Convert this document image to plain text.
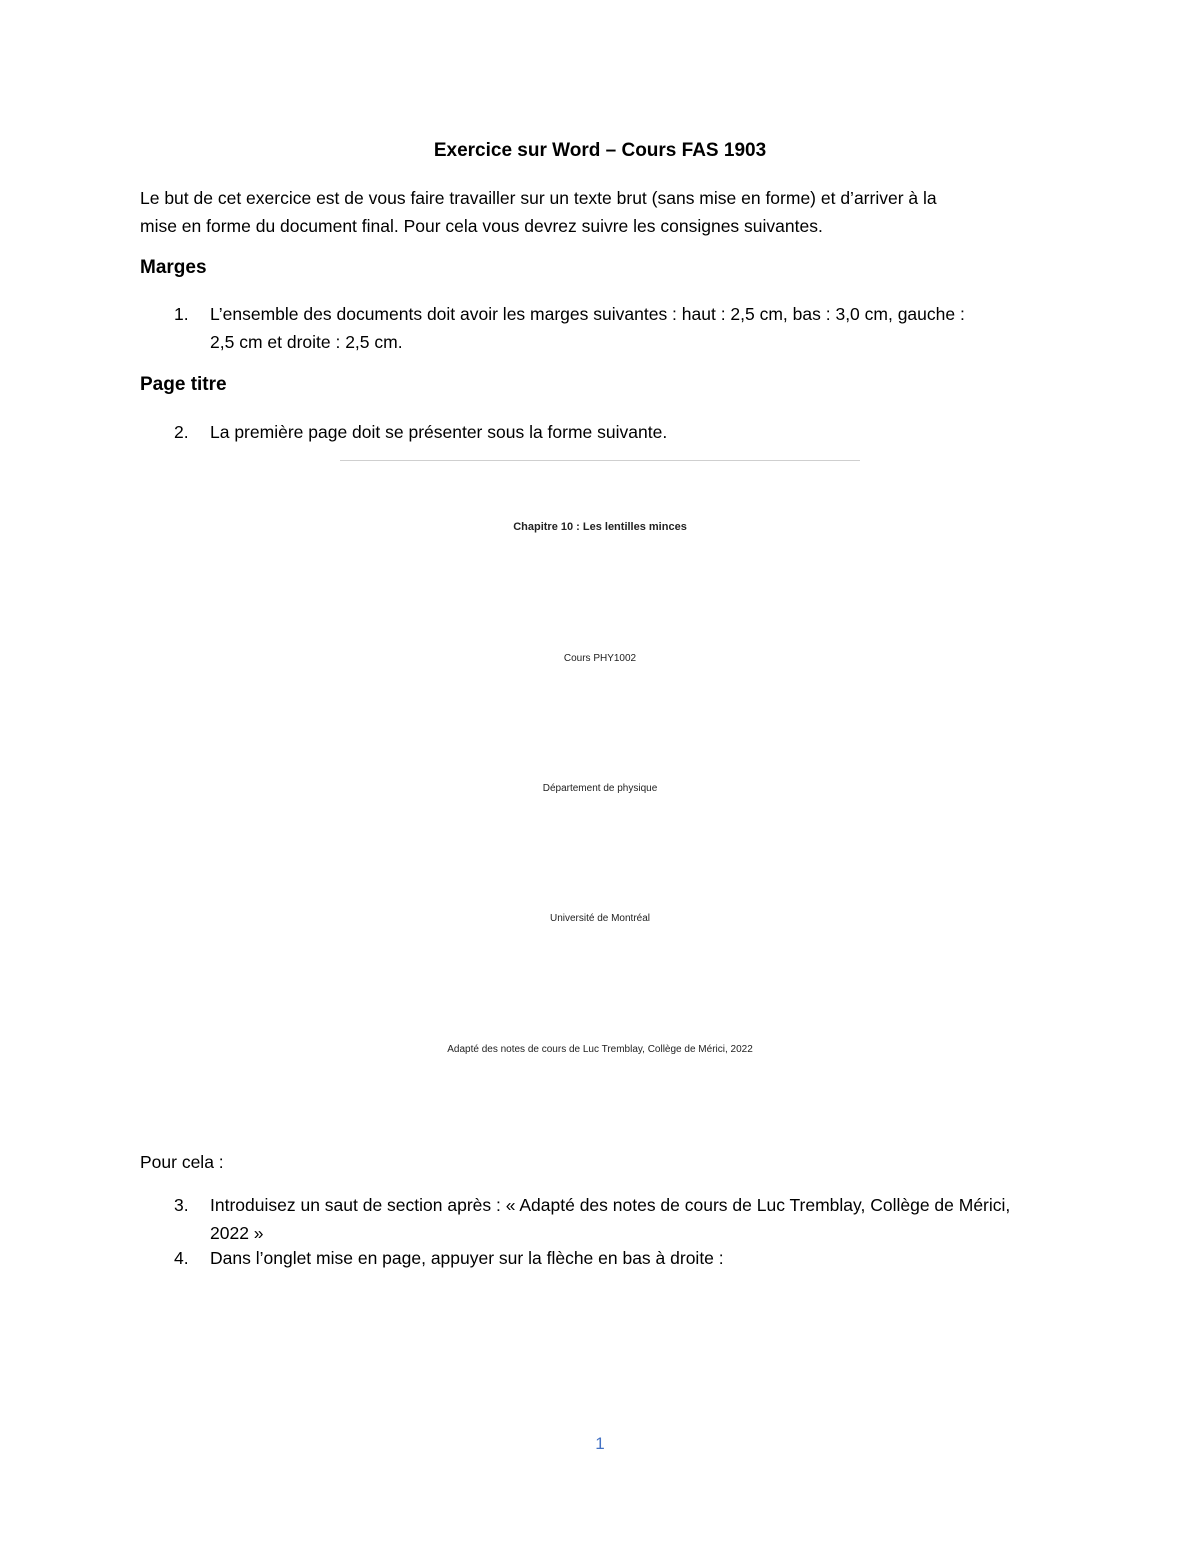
Exercice sur Word – Cours FAS 1903
Le but de cet exercice est de vous faire travailler sur un texte brut (sans mise en forme) et d’arriver à la
mise en forme du document final. Pour cela vous devrez suivre les consignes suivantes.
Marges
1. L’ensemble des documents doit avoir les marges suivantes : haut : 2,5 cm, bas : 3,0 cm, gauche :
2,5 cm et droite : 2,5 cm.
Page titre
2. La première page doit se présenter sous la forme suivante.
Chapitre 10 : Les lentilles minces
Cours PHY1002
Département de physique
Université de Montréal
Adapté des notes de cours de Luc Tremblay, Collège de Mérici, 2022
Pour cela :
3. Introduisez un saut de section après : « Adapté des notes de cours de Luc Tremblay, Collège de Mérici,
2022 »
4. Dans l’onglet mise en page, appuyer sur la flèche en bas à droite :
1
